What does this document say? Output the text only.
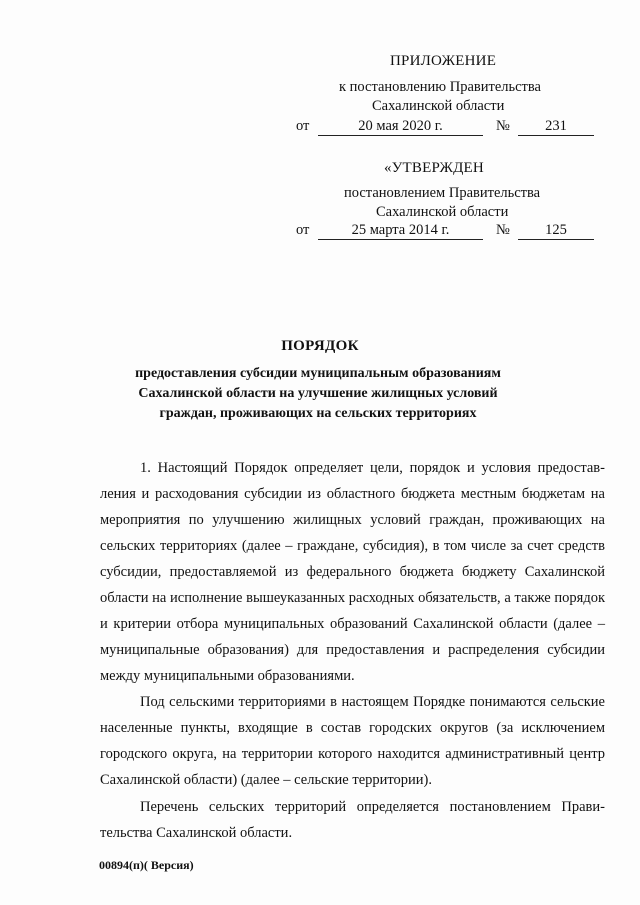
ПРИЛОЖЕНИЕ
к постановлению Правительства
Сахалинской области
от	20 мая 2020 г.	№	231
«УТВЕРЖДЕН
постановлением Правительства
Сахалинской области
от	25 марта 2014 г.	№	125
ПОРЯДОК
предоставления субсидии муниципальным образованиям Сахалинской области на улучшение жилищных условий граждан, проживающих на сельских территориях
1. Настоящий Порядок определяет цели, порядок и условия предоставления и расходования субсидии из областного бюджета местным бюджетам на мероприятия по улучшению жилищных условий граждан, проживающих на сельских территориях (далее – граждане, субсидия), в том числе за счет средств субсидии, предоставляемой из федерального бюджета бюджету Сахалинской области на исполнение вышеуказанных расходных обязательств, а также порядок и критерии отбора муниципальных образований Сахалинской области (далее – муниципальные образования) для предоставления и распределения субсидии между муниципальными образованиями.
Под сельскими территориями в настоящем Порядке понимаются сельские населенные пункты, входящие в состав городских округов (за исключением городского округа, на территории которого находится административный центр Сахалинской области) (далее – сельские территории).
Перечень сельских территорий определяется постановлением Правительства Сахалинской области.
00894(п)( Версия)
